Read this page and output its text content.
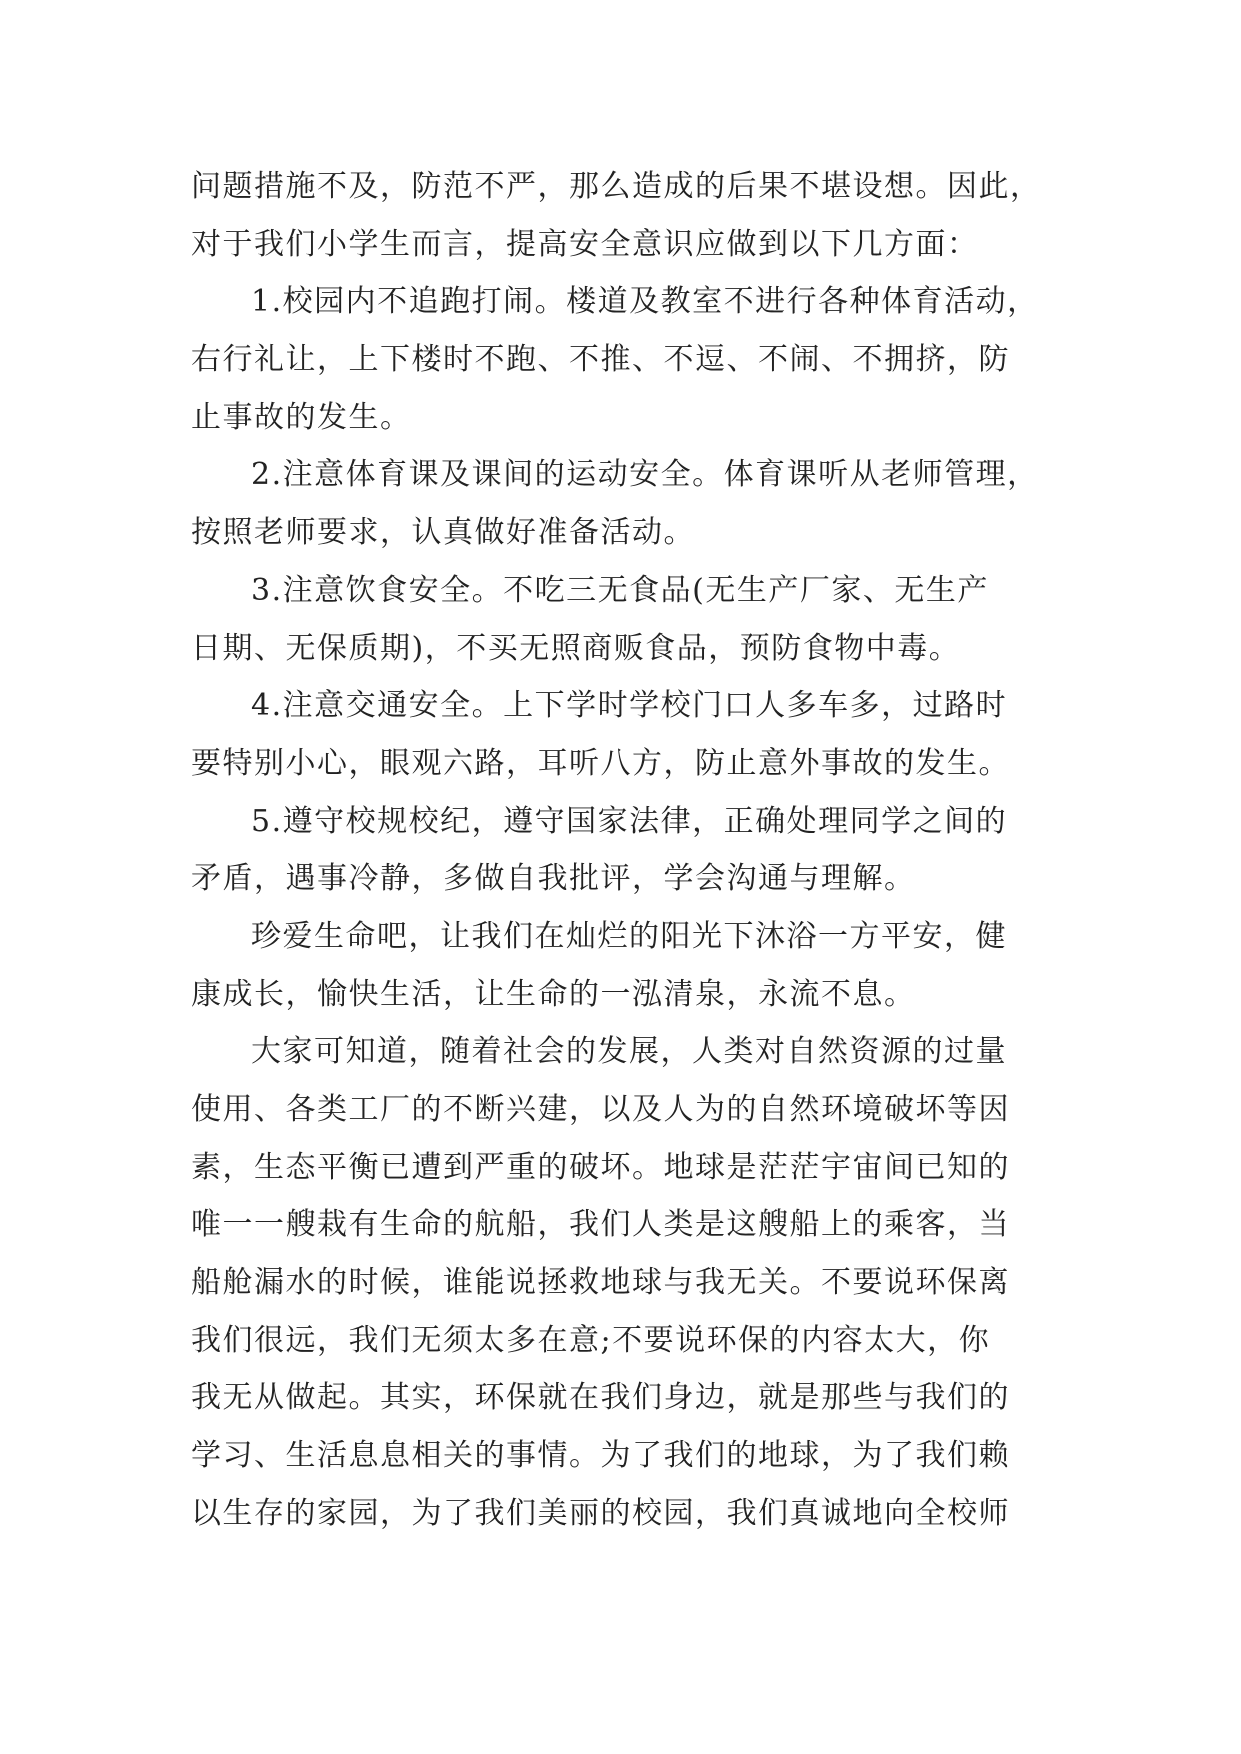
问题措施不及，防范不严，那么造成的后果不堪设想。因此，
对于我们小学生而言，提高安全意识应做到以下几方面：
1.校园内不追跑打闹。楼道及教室不进行各种体育活动，
右行礼让，上下楼时不跑、不推、不逗、不闹、不拥挤，防
止事故的发生。
2.注意体育课及课间的运动安全。体育课听从老师管理，
按照老师要求，认真做好准备活动。
3.注意饮食安全。不吃三无食品(无生产厂家、无生产
日期、无保质期)，不买无照商贩食品，预防食物中毒。
4.注意交通安全。上下学时学校门口人多车多，过路时
要特别小心，眼观六路，耳听八方，防止意外事故的发生。
5.遵守校规校纪，遵守国家法律，正确处理同学之间的
矛盾，遇事冷静，多做自我批评，学会沟通与理解。
珍爱生命吧，让我们在灿烂的阳光下沐浴一方平安，健
康成长，愉快生活，让生命的一泓清泉，永流不息。
大家可知道，随着社会的发展，人类对自然资源的过量
使用、各类工厂的不断兴建，以及人为的自然环境破坏等因
素，生态平衡已遭到严重的破坏。地球是茫茫宇宙间已知的
唯一一艘栽有生命的航船，我们人类是这艘船上的乘客，当
船舱漏水的时候，谁能说拯救地球与我无关。不要说环保离
我们很远，我们无须太多在意;不要说环保的内容太大，你
我无从做起。其实，环保就在我们身边，就是那些与我们的
学习、生活息息相关的事情。为了我们的地球，为了我们赖
以生存的家园，为了我们美丽的校园，我们真诚地向全校师
